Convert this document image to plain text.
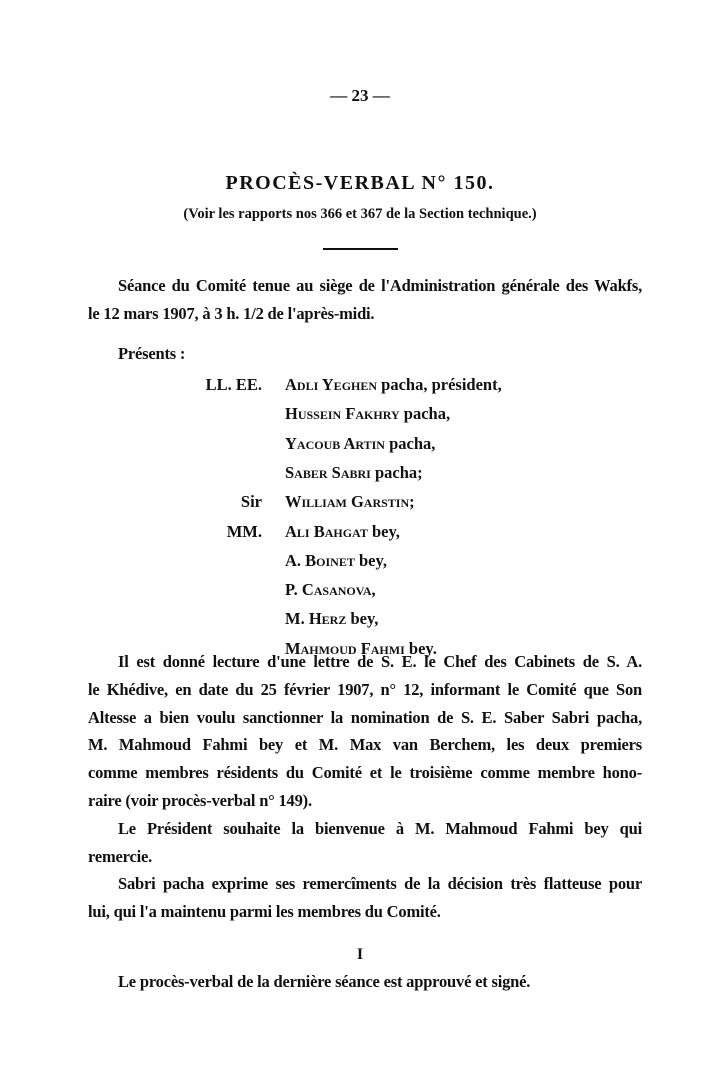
— 23 —
PROCÈS-VERBAL N° 150.
(Voir les rapports nos 366 et 367 de la Section technique.)
Séance du Comité tenue au siège de l'Administration générale des Wakfs,
le 12 mars 1907, à 3 h. 1/2 de l'après-midi.
Présents :
LL. EE. Adli Yeghen pacha, président,
Hussein Fakhry pacha,
Yacoub Artin pacha,
Saber Sabri pacha;
Sir William Garstin;
MM. Ali Bahgat bey,
A. Boinet bey,
P. Casanova,
M. Herz bey,
Mahmoud Fahmi bey.
Il est donné lecture d'une lettre de S. E. le Chef des Cabinets de S. A.
le Khédive, en date du 25 février 1907, n° 12, informant le Comité que Son
Altesse a bien voulu sanctionner la nomination de S. E. Saber Sabri pacha,
M. Mahmoud Fahmi bey et M. Max van Berchem, les deux premiers
comme membres résidents du Comité et le troisième comme membre hono-
raire (voir procès-verbal n° 149).
Le Président souhaite la bienvenue à M. Mahmoud Fahmi bey qui
remercie.
Sabri pacha exprime ses remercîments de la décision très flatteuse pour
lui, qui l'a maintenu parmi les membres du Comité.
I
Le procès-verbal de la dernière séance est approuvé et signé.
